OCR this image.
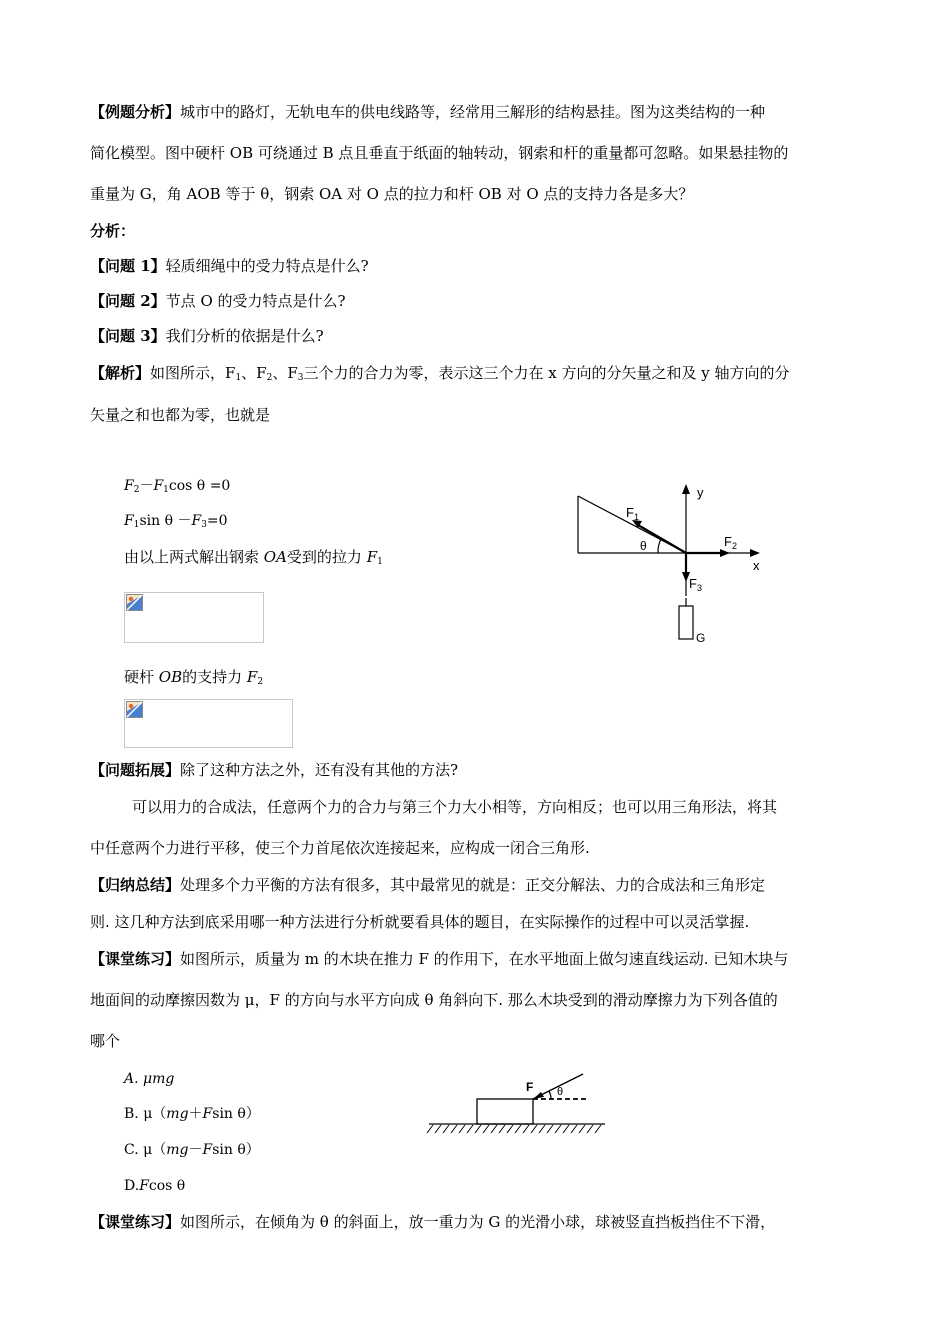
【例题分析】城市中的路灯，无轨电车的供电线路等，经常用三解形的结构悬挂。图为这类结构的一种
简化模型。图中硬杆 OB 可绕通过 B 点且垂直于纸面的轴转动，钢索和杆的重量都可忽略。如果悬挂物的
重量为 G，角 AOB 等于 θ，钢索 OA 对 O 点的拉力和杆 OB 对 O 点的支持力各是多大？
分析：
【问题 1】轻质细绳中的受力特点是什么?
【问题 2】节点 O 的受力特点是什么?
【问题 3】我们分析的依据是什么?
【解析】如图所示，$F_1$、$F_2$、$F_3$三个力的合力为零，表示这三个力在 x 方向的分矢量之和及 y 轴方向的分
矢量之和也都为零，也就是
$F_2-F_1\cos$ θ =0
$F_1\sin$ $\theta -F_3=0$
由以上两式解出钢索 OA受到的拉力 $F_1$
硬杆 OB的支持力 $F_2$
y
x
$F_1$
$F_2$
$F_3$
θ
G
【问题拓展】除了这种方法之外，还有没有其他的方法?
可以用力的合成法，任意两个力的合力与第三个力大小相等，方向相反；也可以用三角形法，将其
中任意两个力进行平移，使三个力首尾依次连接起来，应构成一闭合三角形.
【归纳总结】处理多个力平衡的方法有很多，其中最常见的就是：正交分解法、力的合成法和三角形定
则. 这几种方法到底采用哪一种方法进行分析就要看具体的题目，在实际操作的过程中可以灵活掌握.
【课堂练习】如图所示，质量为 m 的木块在推力 F 的作用下，在水平地面上做匀速直线运动. 已知木块与
地面间的动摩擦因数为 μ，F 的方向与水平方向成 θ 角斜向下. 那么木块受到的滑动摩擦力为下列各值的
哪个
A. μmg
B. μ（mg＋Fsin θ）
C. μ（mg－Fsin θ）
D.Fcos θ
F θ
【课堂练习】如图所示，在倾角为 θ 的斜面上，放一重力为 G 的光滑小球，球被竖直挡板挡住不下滑，
